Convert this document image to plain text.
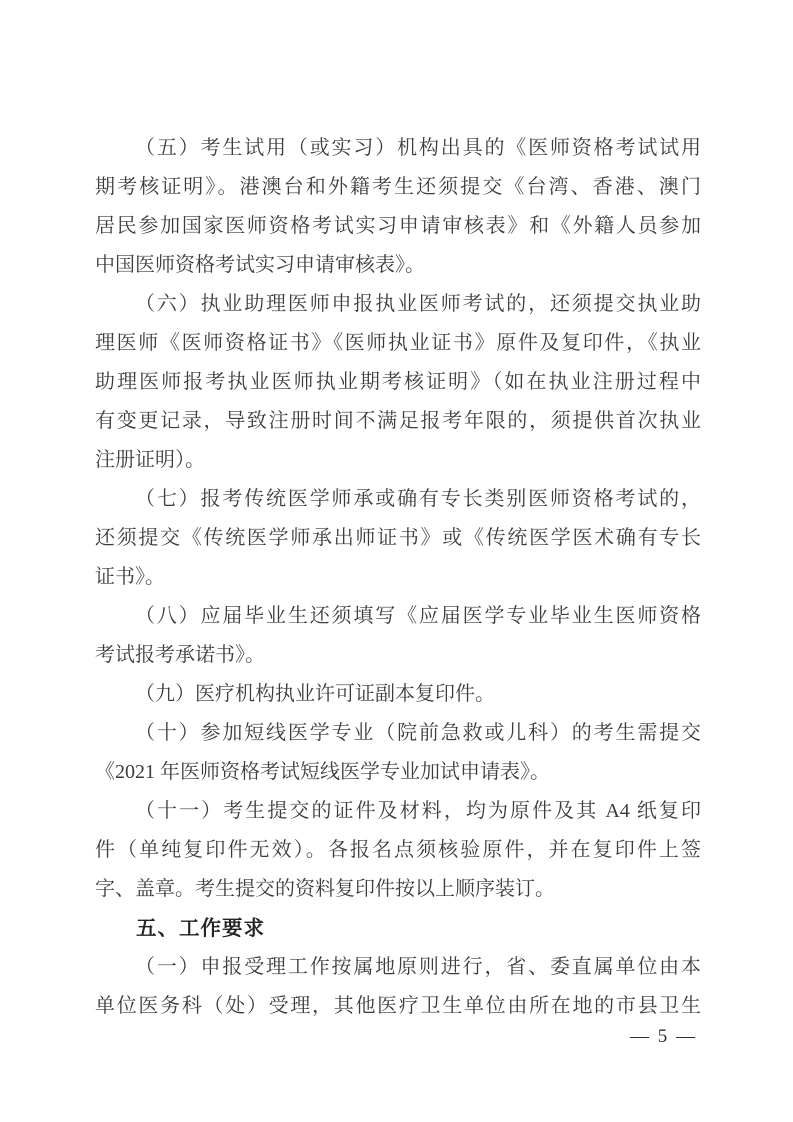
（五）考生试用（或实习）机构出具的《医师资格考试试用
期考核证明》。港澳台和外籍考生还须提交《台湾、香港、澳门
居民参加国家医师资格考试实习申请审核表》和《外籍人员参加
中国医师资格考试实习申请审核表》。

（六）执业助理医师申报执业医师考试的，还须提交执业助
理医师《医师资格证书》《医师执业证书》原件及复印件，《执业
助理医师报考执业医师执业期考核证明》（如在执业注册过程中
有变更记录，导致注册时间不满足报考年限的，须提供首次执业
注册证明）。

（七）报考传统医学师承或确有专长类别医师资格考试的，
还须提交《传统医学师承出师证书》或《传统医学医术确有专长
证书》。

（八）应届毕业生还须填写《应届医学专业毕业生医师资格
考试报考承诺书》。

（九）医疗机构执业许可证副本复印件。

（十）参加短线医学专业（院前急救或儿科）的考生需提交
《2021 年医师资格考试短线医学专业加试申请表》。

（十一）考生提交的证件及材料，均为原件及其 A4 纸复印
件（单纯复印件无效）。各报名点须核验原件，并在复印件上签
字、盖章。考生提交的资料复印件按以上顺序装订。

五、工作要求

（一）申报受理工作按属地原则进行，省、委直属单位由本
单位医务科（处）受理，其他医疗卫生单位由所在地的市县卫生

— 5 —
